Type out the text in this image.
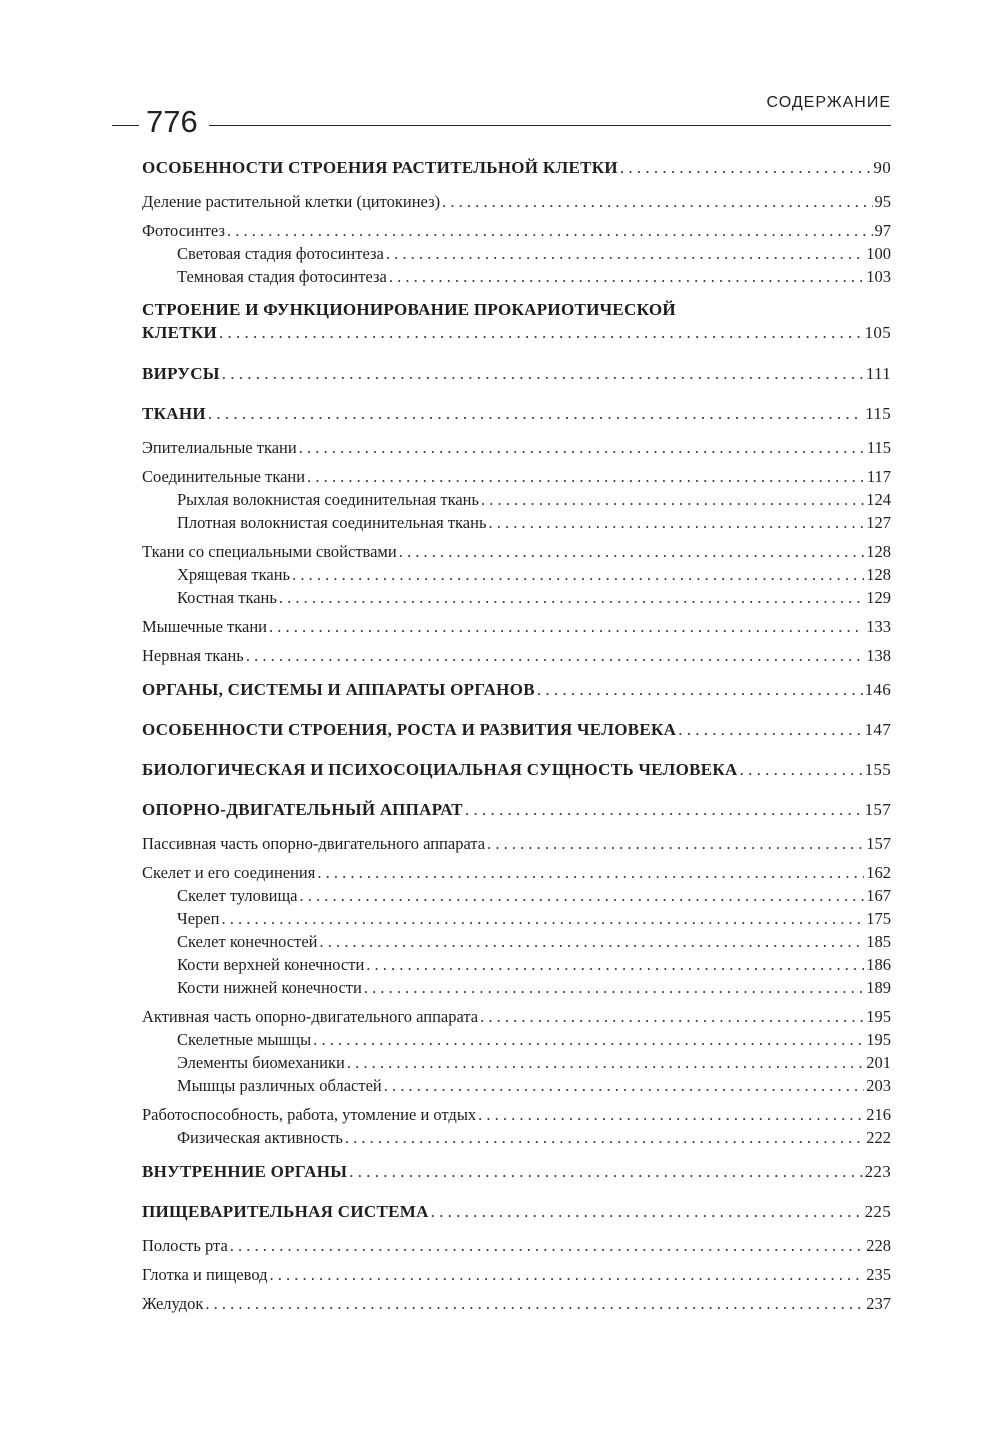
СОДЕРЖАНИЕ
776
ОСОБЕННОСТИ СТРОЕНИЯ РАСТИТЕЛЬНОЙ КЛЕТКИ . . .	90
Деление растительной клетки (цитокинез) . . .	95
Фотосинтез . . .	97
Световая стадия фотосинтеза . . .	100
Темновая стадия фотосинтеза . . .	103
СТРОЕНИЕ И ФУНКЦИОНИРОВАНИЕ ПРОКАРИОТИЧЕСКОЙ
КЛЕТКИ . . .	105
ВИРУСЫ . . .	111
ТКАНИ . . .	115
Эпителиальные ткани . . .	115
Соединительные ткани . . .	117
Рыхлая волокнистая соединительная ткань . . .	124
Плотная волокнистая соединительная ткань . . .	127
Ткани со специальными свойствами . . .	128
Хрящевая ткань . . .	128
Костная ткань . . .	129
Мышечные ткани . . .	133
Нервная ткань . . .	138
ОРГАНЫ, СИСТЕМЫ И АППАРАТЫ ОРГАНОВ . . .	146
ОСОБЕННОСТИ СТРОЕНИЯ, РОСТА И РАЗВИТИЯ ЧЕЛОВЕКА . . .	147
БИОЛОГИЧЕСКАЯ И ПСИХОСОЦИАЛЬНАЯ СУЩНОСТЬ ЧЕЛОВЕКА . . .	155
ОПОРНО-ДВИГАТЕЛЬНЫЙ АППАРАТ . . .	157
Пассивная часть опорно-двигательного аппарата . . .	157
Скелет и его соединения . . .	162
Скелет туловища . . .	167
Череп . . .	175
Скелет конечностей . . .	185
Кости верхней конечности . . .	186
Кости нижней конечности . . .	189
Активная часть опорно-двигательного аппарата . . .	195
Скелетные мышцы . . .	195
Элементы биомеханики . . .	201
Мышцы различных областей . . .	203
Работоспособность, работа, утомление и отдых . . .	216
Физическая активность . . .	222
ВНУТРЕННИЕ ОРГАНЫ . . .	223
ПИЩЕВАРИТЕЛЬНАЯ СИСТЕМА . . .	225
Полость рта . . .	228
Глотка и пищевод . . .	235
Желудок . . .	237
